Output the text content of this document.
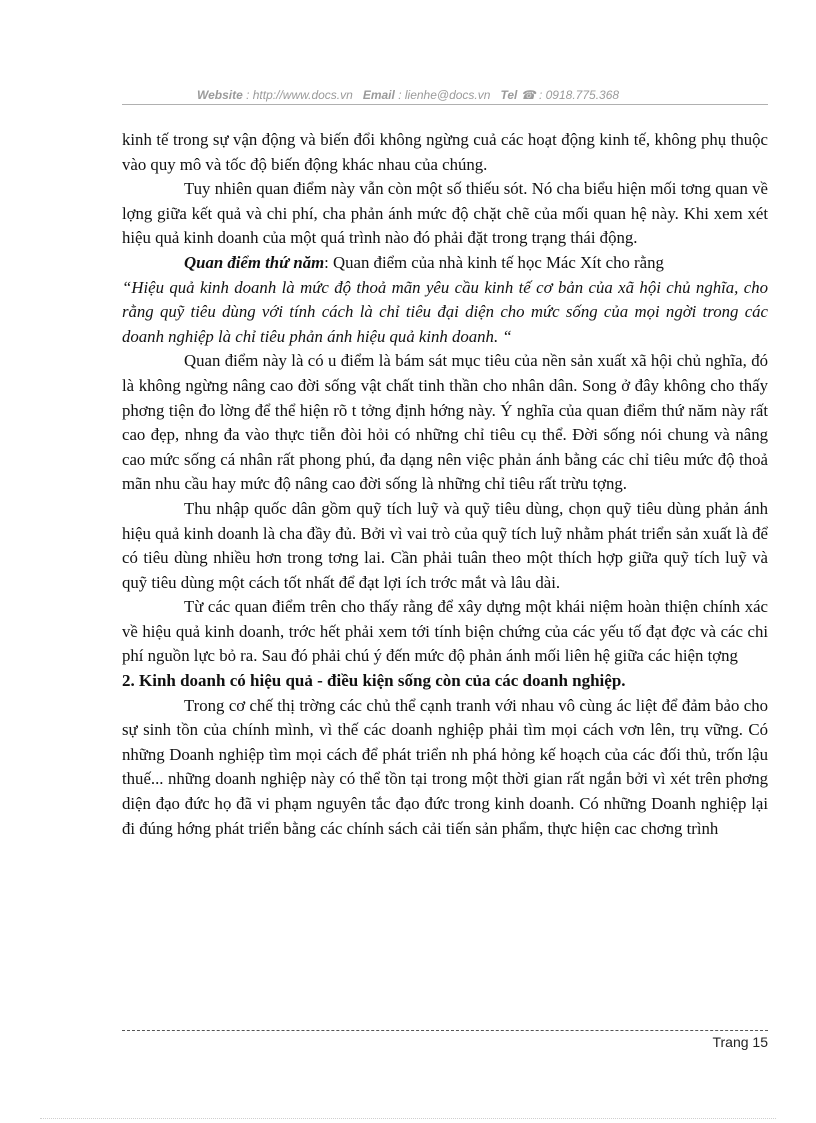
Website : http://www.docs.vn Email : lienhe@docs.vn Tel ☎ : 0918.775.368

kinh tế trong sự vận động và biến đổi không ngừng cuả các hoạt động kinh tế, không phụ thuộc vào quy mô và tốc độ biến động khác nhau của chúng.

Tuy nhiên quan điểm này vẫn còn một số thiếu sót. Nó cha biểu hiện mối tơng quan về lợng giữa kết quả và chi phí, cha phản ánh mức độ chặt chẽ của mối quan hệ này. Khi xem xét hiệu quả kinh doanh của một quá trình nào đó phải đặt trong trạng thái động.

Quan điểm thứ năm: Quan điểm của nhà kinh tế học Mác Xít cho rằng

“Hiệu quả kinh doanh là mức độ thoả mãn yêu cầu kinh tế cơ bản của xã hội chủ nghĩa, cho rằng quỹ tiêu dùng với tính cách là chỉ tiêu đại diện cho mức sống của mọi ngời trong các doanh nghiệp là chỉ tiêu phản ánh hiệu quả kinh doanh. “

Quan điểm này là có u điểm là bám sát mục tiêu của nền sản xuất xã hội chủ nghĩa, đó là không ngừng nâng cao đời sống vật chất tinh thần cho nhân dân. Song ở đây không cho thấy phơng tiện đo lờng để thể hiện rõ t tởng định hớng này. Ý nghĩa của quan điểm thứ năm này rất cao đẹp, nhng đa vào thực tiễn đòi hỏi có những chỉ tiêu cụ thể. Đời sống nói chung và nâng cao mức sống cá nhân rất phong phú, đa dạng nên việc phản ánh bằng các chỉ tiêu mức độ thoả mãn nhu cầu hay mức độ nâng cao đời sống là những chỉ tiêu rất trừu tợng.

Thu nhập quốc dân gồm quỹ tích luỹ và quỹ tiêu dùng, chọn quỹ tiêu dùng phản ánh hiệu quả kinh doanh là cha đầy đủ. Bởi vì vai trò của quỹ tích luỹ nhằm phát triển sản xuất là để có tiêu dùng nhiều hơn trong tơng lai. Cần phải tuân theo một thích hợp giữa quỹ tích luỹ và quỹ tiêu dùng một cách tốt nhất để đạt lợi ích trớc mắt và lâu dài.

Từ các quan điểm trên cho thấy rằng để xây dựng một khái niệm hoàn thiện chính xác về hiệu quả kinh doanh, trớc hết phải xem tới tính biện chứng của các yếu tố đạt đợc và các chi phí nguồn lực bỏ ra. Sau đó phải chú ý đến mức độ phản ánh mối liên hệ giữa các hiện tợng

2. Kinh doanh có hiệu quả - điều kiện sống còn của các doanh nghiệp.

Trong cơ chế thị trờng các chủ thể cạnh tranh với nhau vô cùng ác liệt để đảm bảo cho sự sinh tồn của chính mình, vì thế các doanh nghiệp phải tìm mọi cách vơn lên, trụ vững. Có những Doanh nghiệp tìm mọi cách để phát triển nh phá hỏng kế hoạch của các đối thủ, trốn lậu thuế... những doanh nghiệp này có thể tồn tại trong một thời gian rất ngắn bởi vì xét trên phơng diện đạo đức họ đã vi phạm nguyên tắc đạo đức trong kinh doanh. Có những Doanh nghiệp lại đi đúng hớng phát triển bằng các chính sách cải tiến sản phẩm, thực hiện cac chơng trình

Trang 15
